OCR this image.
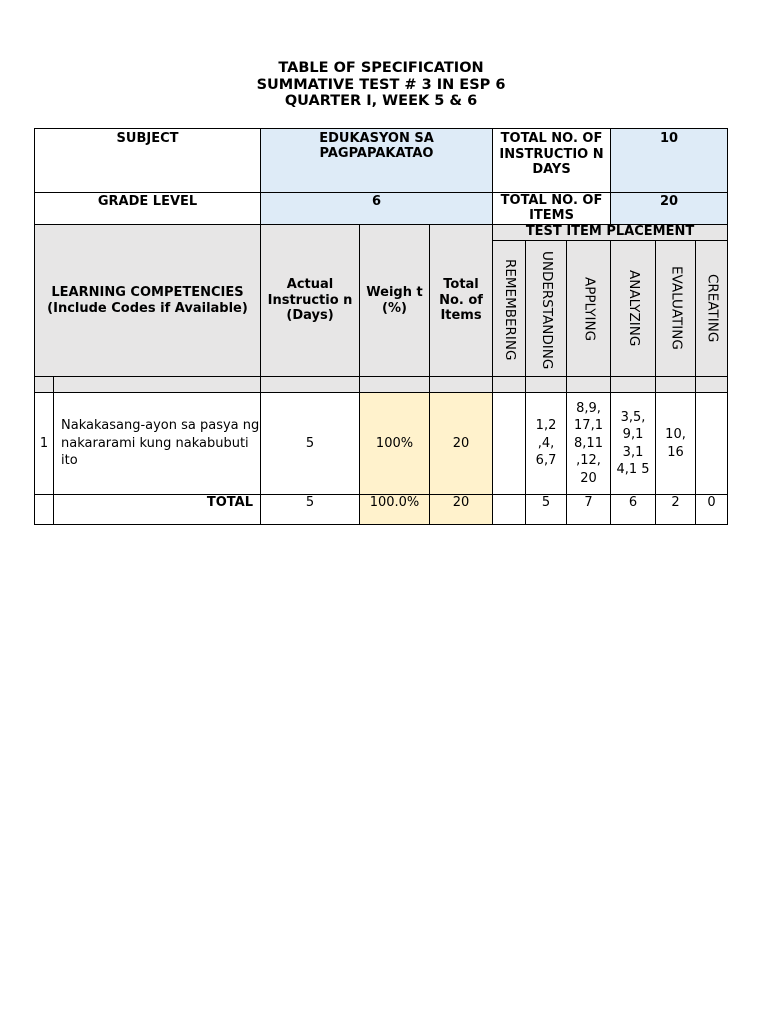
TABLE OF SPECIFICATION
SUMMATIVE TEST # 3 IN ESP 6
QUARTER I, WEEK 5 & 6
SUBJECT		EDUKASYON SA PAGPAPAKATAO			TOTAL NO. OF INSTRUCTIO N DAYS			10		
GRADE LEVEL		6			TOTAL NO. OF ITEMS			20		
LEARNING COMPETENCIES (Include Codes if Available)		Actual Instructio n (Days)	Weigh t (%)	Total No. of Items	TEST ITEM PLACEMENT					
					REMEMBERING	UNDERSTANDING	APPLYING	ANALYZING	EVALUATING	CREATING

1	Nakakasang-ayon sa pasya ng nakararami kung nakabubuti ito	5	100%	20		1,2 ,4, 6,7	8,9, 17,1 8,11 ,12, 20	3,5, 9,1 3,1 4,1 5	10, 16	
	TOTAL	5	100.0%	20		5	7	6	2	0
